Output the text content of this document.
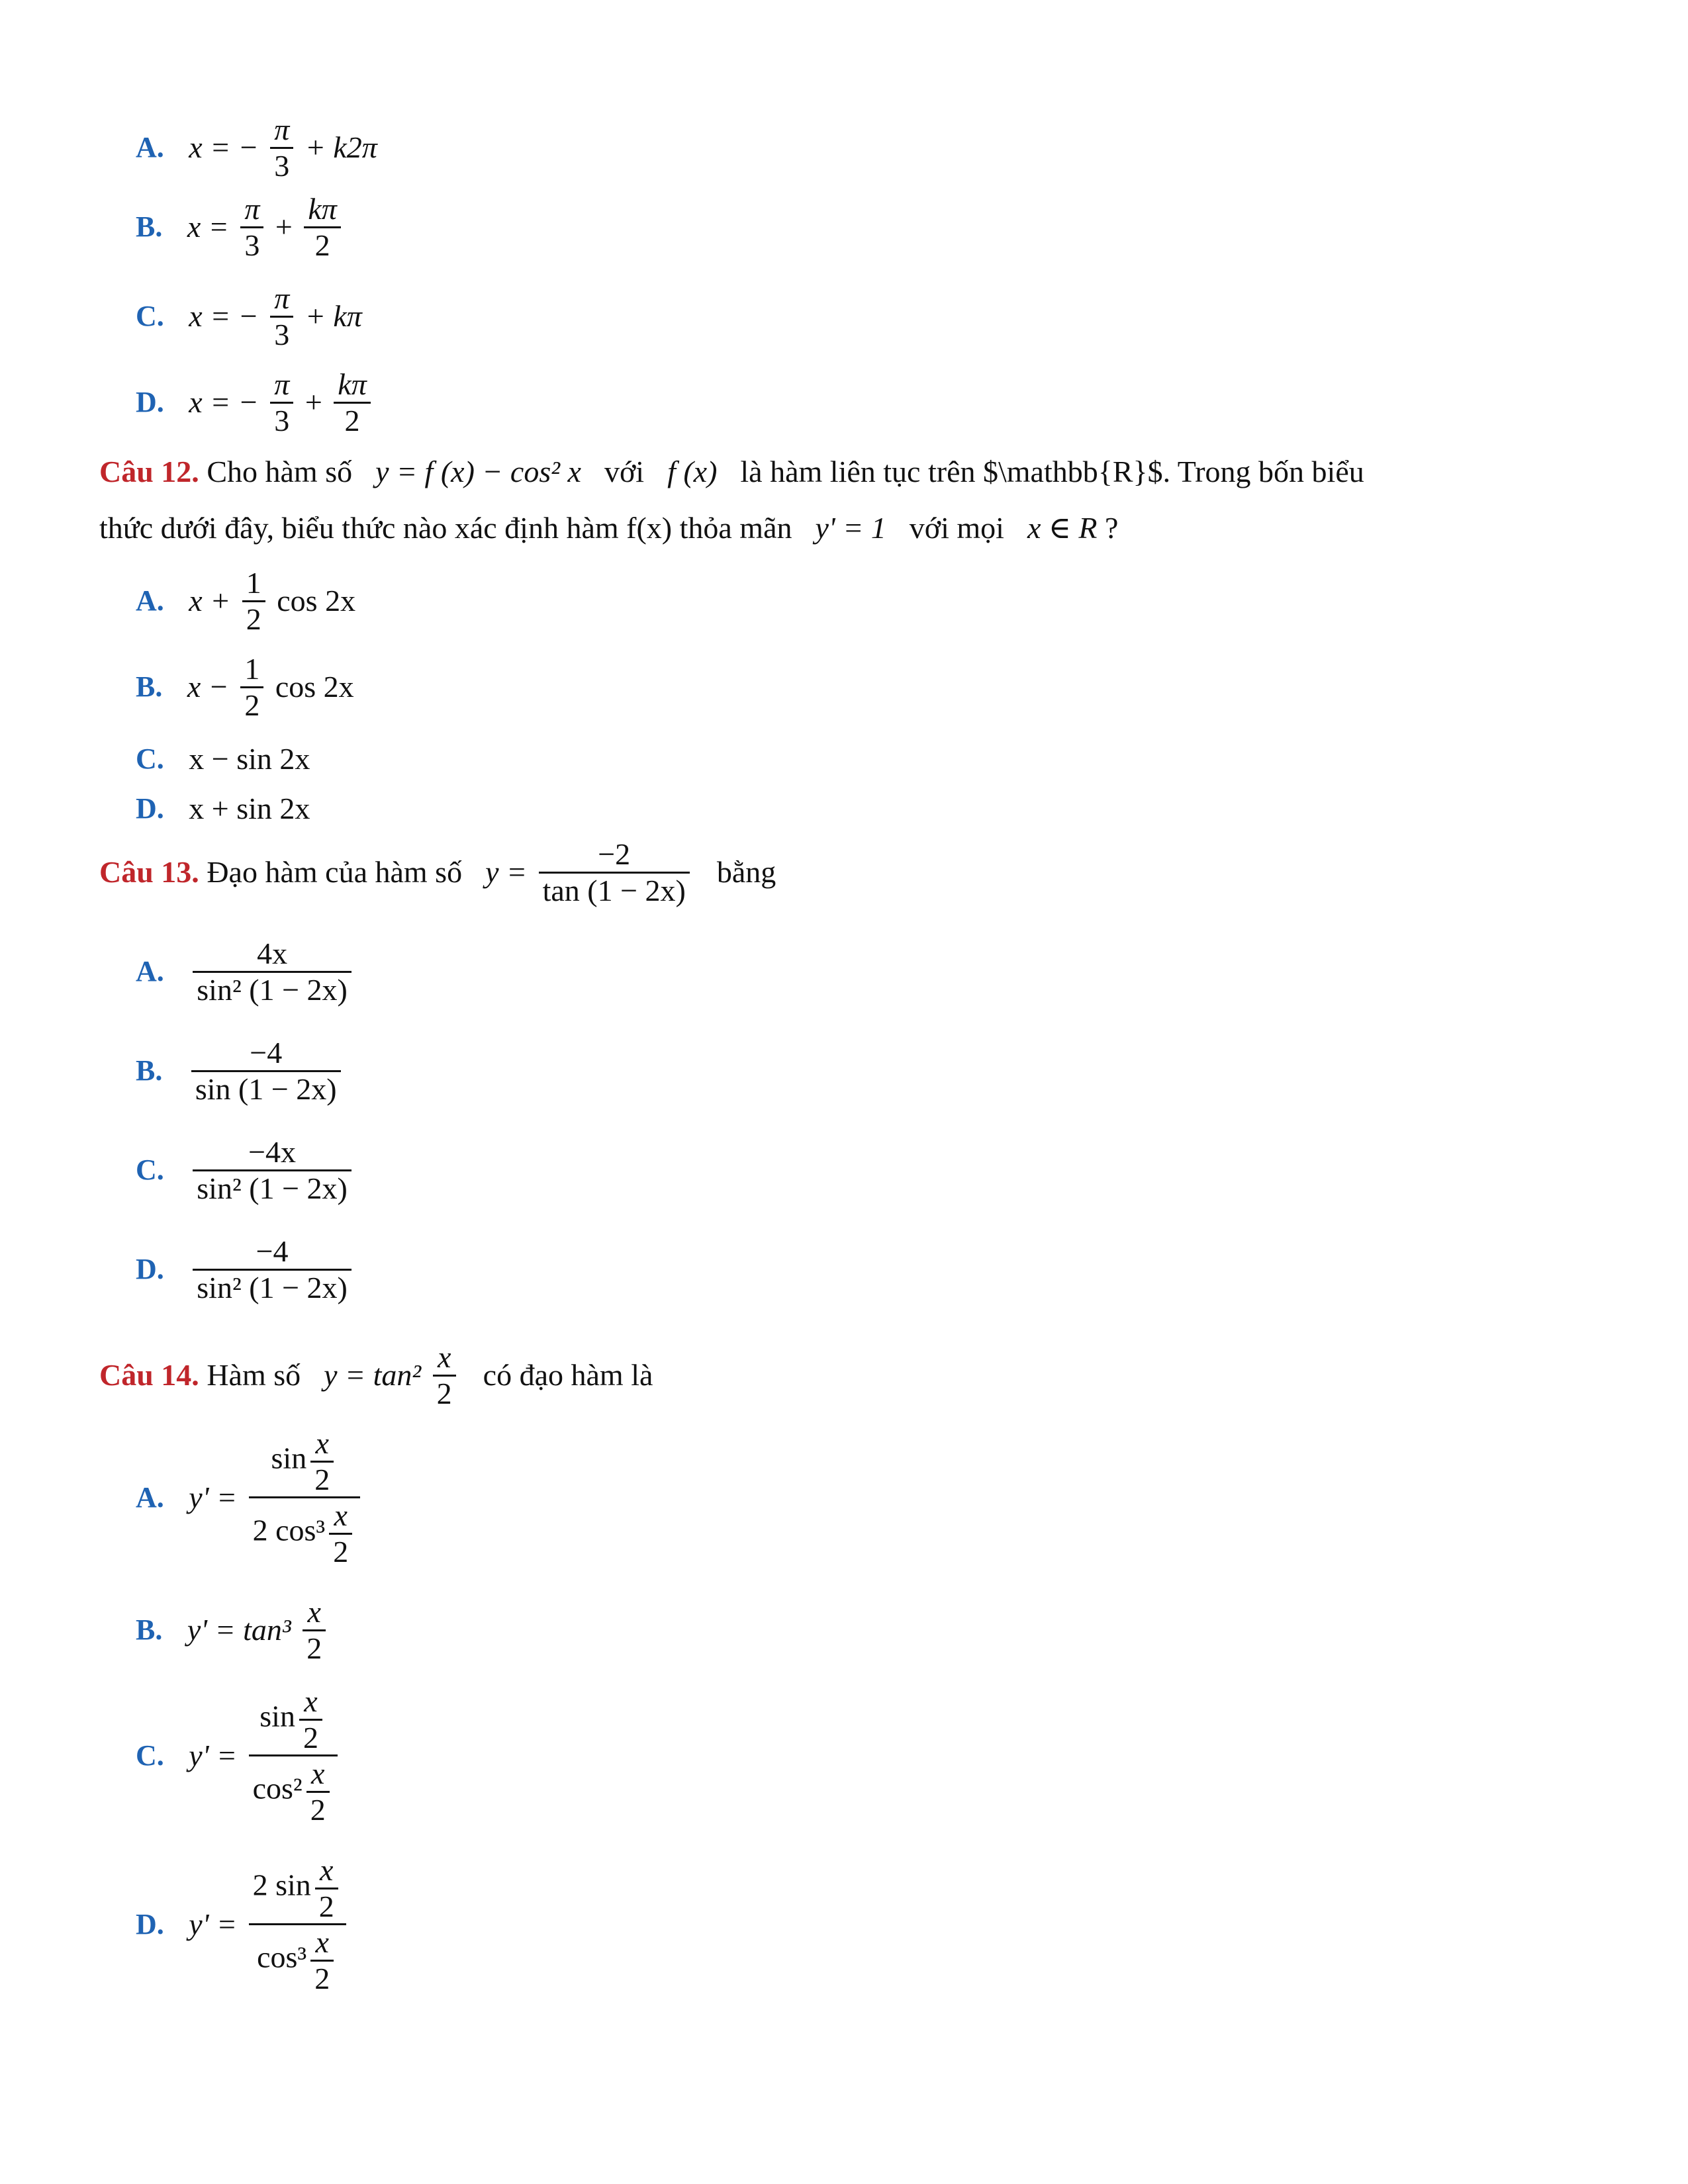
A. x = − $\frac{\pi}{3} + k2\pi$
B. $x = \frac{\pi}{3} + \frac{k\pi}{2}$
C. x = − $\frac{\pi}{3} + k\pi$
D. x = − $\frac{\pi}{3} + \frac{k\pi}{2}$
Câu 12. Cho hàm số y = f (x) − cos² x với f (x) là hàm liên tục trên $\mathbb{R}$. Trong bốn biểu
thức dưới đây, biểu thức nào xác định hàm f(x) thỏa mãn y' = 1 với mọi x ∈ R ?
A. $x + \frac{1}{2}$ cos 2x
B. $x - \frac{1}{2}$ cos 2x
C. x − sin 2x
D. x + sin 2x
Câu 13. Đạo hàm của hàm số $y = \frac{-2}{\tan (1 - 2x)}$ bằng
A. $\frac{4x}{\text{sin² (1 − 2x)}}$
B. $\frac{-4}{\sin (1 - 2x)}$
C. $\frac{-4x}{\text{sin² (1 − 2x)}}$
D. $\frac{-4}{\text{sin² (1 − 2x)}}$
Câu 14. Hàm số $y = \tan^2 \frac{x}{2}$ có đạo hàm là
A. $y' = \frac{\sin \frac{x}{2}}{2 \cos^3 \frac{x}{2}}$
B. $y' = \tan^3 \frac{x}{2}$
C. $y' = \frac{\sin \frac{x}{2}}{\cos^2 \frac{x}{2}}$
D. $y' = \frac{2 \sin \frac{x}{2}}{\cos^3 \frac{x}{2}}$
